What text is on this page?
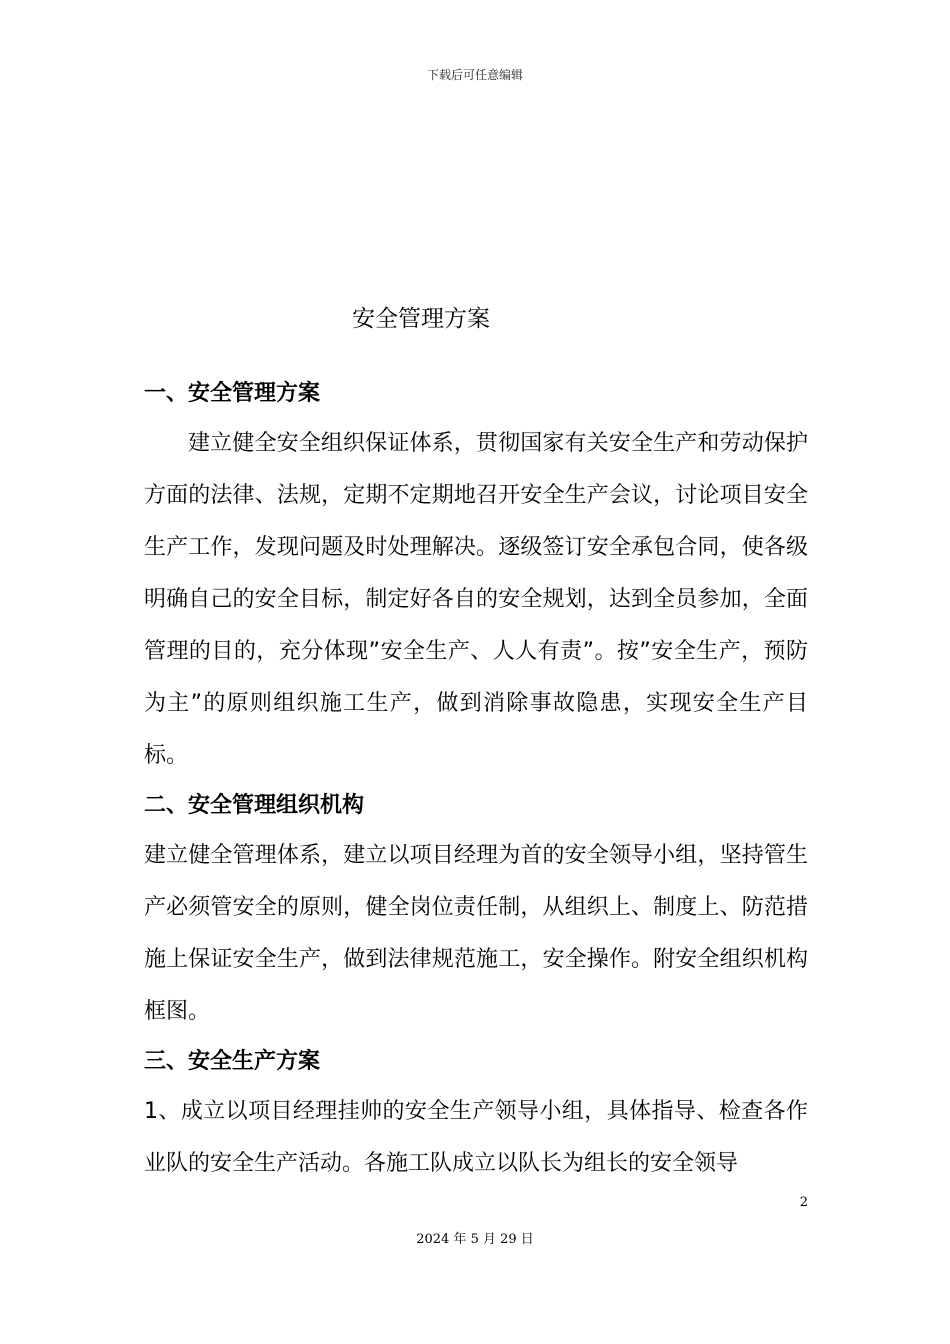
下载后可任意编辑
安全管理方案

一、安全管理方案

建立健全安全组织保证体系，贯彻国家有关安全生产和劳动保护方面的法律、法规，定期不定期地召开安全生产会议，讨论项目安全生产工作，发现问题及时处理解决。逐级签订安全承包合同，使各级明确自己的安全目标，制定好各自的安全规划，达到全员参加，全面管理的目的，充分体现”安全生产、人人有责”。按”安全生产，预防为主”的原则组织施工生产，做到消除事故隐患，实现安全生产目标。

二、安全管理组织机构

建立健全管理体系，建立以项目经理为首的安全领导小组，坚持管生产必须管安全的原则，健全岗位责任制，从组织上、制度上、防范措施上保证安全生产，做到法律规范施工，安全操作。附安全组织机构框图。

三、安全生产方案

1、成立以项目经理挂帅的安全生产领导小组，具体指导、检查各作业队的安全生产活动。各施工队成立以队长为组长的安全领导

2
2024 年 5 月 29 日
